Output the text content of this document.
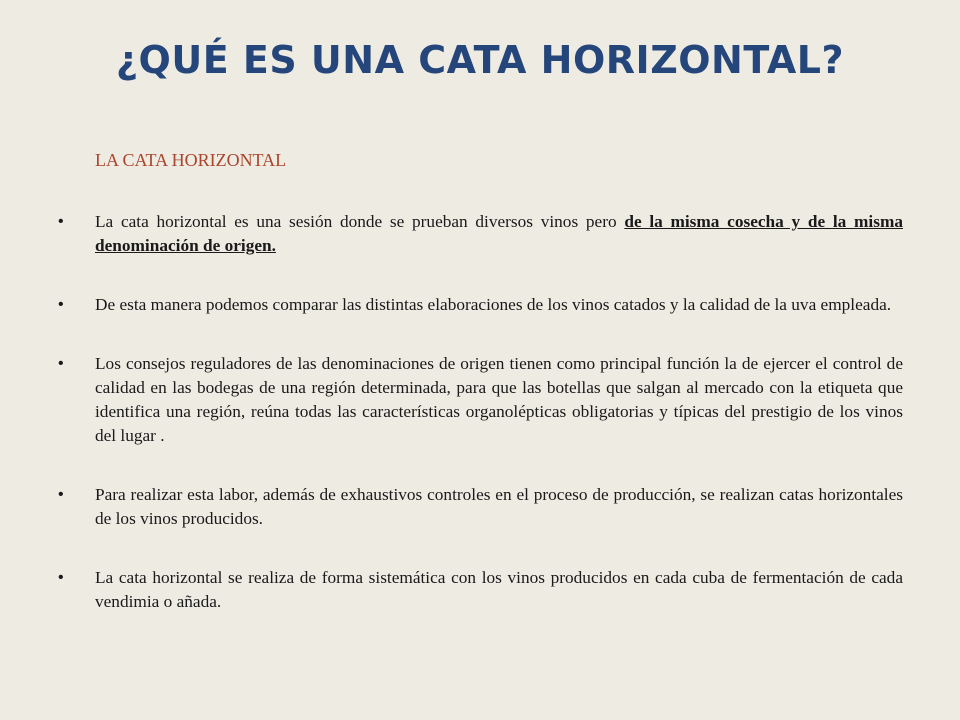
¿QUÉ ES UNA CATA HORIZONTAL?

LA CATA HORIZONTAL

• La cata horizontal es una sesión donde se prueban diversos vinos pero de la misma cosecha y de la misma denominación de origen.
• De esta manera podemos comparar las distintas elaboraciones de los vinos catados y la calidad de la uva empleada.
• Los consejos reguladores de las denominaciones de origen tienen como principal función la de ejercer el control de calidad en las bodegas de una región determinada, para que las botellas que salgan al mercado con la etiqueta que identifica una región, reúna todas las características organolépticas obligatorias y típicas del prestigio de los vinos del lugar .
• Para realizar esta labor, además de exhaustivos controles en el proceso de producción, se realizan catas horizontales de los vinos producidos.
• La cata horizontal se realiza de forma sistemática con los vinos producidos en cada cuba de fermentación de cada vendimia o añada.
